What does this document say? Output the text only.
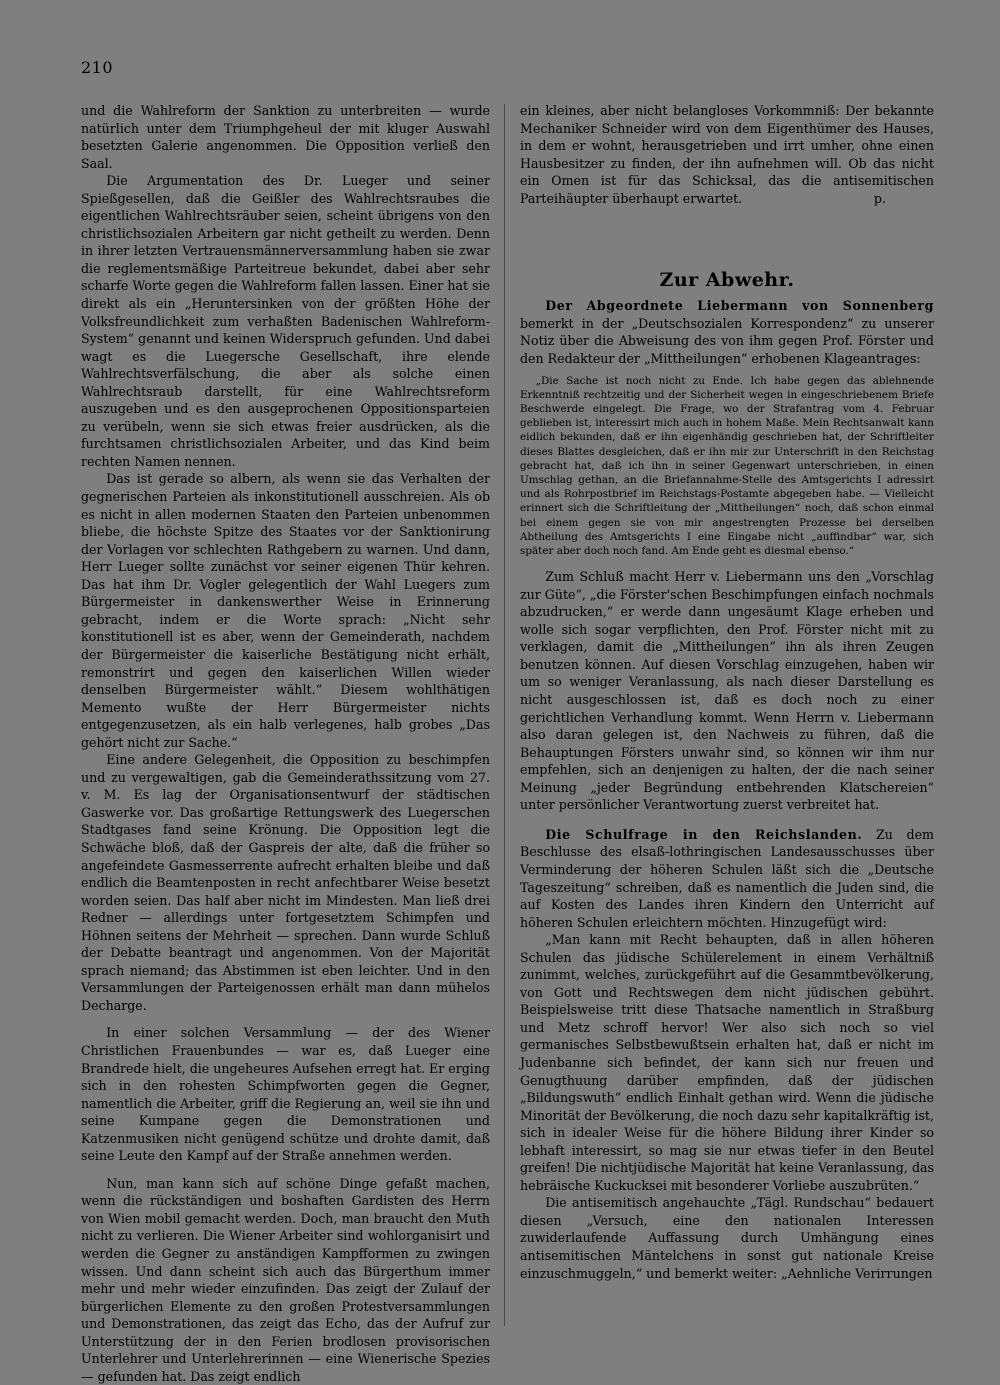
210

und die Wahlreform der Sanktion zu unterbreiten — wurde natürlich unter dem Triumphgeheul der mit kluger Auswahl besetzten Galerie angenommen. Die Opposition verließ den Saal.

Die Argumentation des Dr. Lueger und seiner Spießgesellen, daß die Geißler des Wahlrechtsraubes die eigentlichen Wahlrechtsräuber seien, scheint übrigens von den christlichsozialen Arbeitern gar nicht getheilt zu werden. Denn in ihrer letzten Vertrauensmännerversammlung haben sie zwar die reglementsmäßige Parteitreue bekundet, dabei aber sehr scharfe Worte gegen die Wahlreform fallen lassen. Einer hat sie direkt als ein „Heruntersinken von der größten Höhe der Volksfreundlichkeit zum verhaßten Badenischen Wahlreform-System“ genannt und keinen Widerspruch gefunden. Und dabei wagt es die Luegersche Gesellschaft, ihre elende Wahlrechtsverfälschung, die aber als solche einen Wahlrechtsraub darstellt, für eine Wahlrechtsreform auszugeben und es den ausgeprochenen Oppositionsparteien zu verübeln, wenn sie sich etwas freier ausdrücken, als die furchtsamen christlichsozialen Arbeiter, und das Kind beim rechten Namen nennen.

Das ist gerade so albern, als wenn sie das Verhalten der gegnerischen Parteien als inkonstitutionell ausschreien. Als ob es nicht in allen modernen Staaten den Parteien unbenommen bliebe, die höchste Spitze des Staates vor der Sanktionirung der Vorlagen vor schlechten Rathgebern zu warnen. Und dann, Herr Lueger sollte zunächst vor seiner eigenen Thür kehren. Das hat ihm Dr. Vogler gelegentlich der Wahl Luegers zum Bürgermeister in dankenswerther Weise in Erinnerung gebracht, indem er die Worte sprach: „Nicht sehr konstitutionell ist es aber, wenn der Gemeinderath, nachdem der Bürgermeister die kaiserliche Bestätigung nicht erhält, remonstrirt und gegen den kaiserlichen Willen wieder denselben Bürgermeister wählt.“ Diesem wohlthätigen Memento wußte der Herr Bürgermeister nichts entgegenzusetzen, als ein halb verlegenes, halb grobes „Das gehört nicht zur Sache.“

Eine andere Gelegenheit, die Opposition zu beschimpfen und zu vergewaltigen, gab die Gemeinderathssitzung vom 27. v. M. Es lag der Organisationsentwurf der städtischen Gaswerke vor. Das großartige Rettungswerk des Luegerschen Stadtgases fand seine Krönung. Die Opposition legt die Schwäche bloß, daß der Gaspreis der alte, daß die früher so angefeindete Gasmesserrente aufrecht erhalten bleibe und daß endlich die Beamtenposten in recht anfechtbarer Weise besetzt worden seien. Das half aber nicht im Mindesten. Man ließ drei Redner — allerdings unter fortgesetztem Schimpfen und Höhnen seitens der Mehrheit — sprechen. Dann wurde Schluß der Debatte beantragt und angenommen. Von der Majorität sprach niemand; das Abstimmen ist eben leichter. Und in den Versammlungen der Parteigenossen erhält man dann mühelos Decharge.

In einer solchen Versammlung — der des Wiener Christlichen Frauenbundes — war es, daß Lueger eine Brandrede hielt, die ungeheures Aufsehen erregt hat. Er erging sich in den rohesten Schimpfworten gegen die Gegner, namentlich die Arbeiter, griff die Regierung an, weil sie ihn und seine Kumpane gegen die Demonstrationen und Katzenmusiken nicht genügend schütze und drohte damit, daß seine Leute den Kampf auf der Straße annehmen werden.

Nun, man kann sich auf schöne Dinge gefaßt machen, wenn die rückständigen und boshaften Gardisten des Herrn von Wien mobil gemacht werden. Doch, man braucht den Muth nicht zu verlieren. Die Wiener Arbeiter sind wohlorganisirt und werden die Gegner zu anständigen Kampfformen zu zwingen wissen. Und dann scheint sich auch das Bürgerthum immer mehr und mehr wieder einzufinden. Das zeigt der Zulauf der bürgerlichen Elemente zu den großen Protestversammlungen und Demonstrationen, das zeigt das Echo, das der Aufruf zur Unterstützung der in den Ferien brodlosen provisorischen Unterlehrer und Unterlehrerinnen — eine Wienerische Spezies — gefunden hat. Das zeigt endlich

ein kleines, aber nicht belangloses Vorkommniß: Der bekannte Mechaniker Schneider wird von dem Eigenthümer des Hauses, in dem er wohnt, herausgetrieben und irrt umher, ohne einen Hausbesitzer zu finden, der ihn aufnehmen will. Ob das nicht ein Omen ist für das Schicksal, das die antisemitischen Parteihäupter überhaupt erwartet.	p.
Zur Abwehr.

Der Abgeordnete Liebermann von Sonnenberg bemerkt in der „Deutschsozialen Korrespondenz“ zu unserer Notiz über die Abweisung des von ihm gegen Prof. Förster und den Redakteur der „Mittheilungen“ erhobenen Klageantrages:

„Die Sache ist noch nicht zu Ende. Ich habe gegen das ablehnende Erkenntniß rechtzeitig und der Sicherheit wegen in eingeschriebenem Briefe Beschwerde eingelegt. Die Frage, wo der Strafantrag vom 4. Februar geblieben ist, interessirt mich auch in hohem Maße. Mein Rechtsanwalt kann eidlich bekunden, daß er ihn eigenhändig geschrieben hat, der Schriftleiter dieses Blattes desgleichen, daß er ihn mir zur Unterschrift in den Reichstag gebracht hat, daß ich ihn in seiner Gegenwart unterschrieben, in einen Umschlag gethan, an die Briefannahme-Stelle des Amtsgerichts I adressirt und als Rohrpostbrief im Reichstags-Postamte abgegeben habe. — Vielleicht erinnert sich die Schriftleitung der „Mittheilungen“ noch, daß schon einmal bei einem gegen sie von mir angestrengten Prozesse bei derselben Abtheilung des Amtsgerichts I eine Eingabe nicht „auffindbar“ war, sich später aber doch noch fand. Am Ende geht es diesmal ebenso.“

Zum Schluß macht Herr v. Liebermann uns den „Vorschlag zur Güte“, „die Förster'schen Beschimpfungen einfach nochmals abzudrucken,“ er werde dann ungesäumt Klage erheben und wolle sich sogar verpflichten, den Prof. Förster nicht mit zu verklagen, damit die „Mittheilungen“ ihn als ihren Zeugen benutzen können. Auf diesen Vorschlag einzugehen, haben wir um so weniger Veranlassung, als nach dieser Darstellung es nicht ausgeschlossen ist, daß es doch noch zu einer gerichtlichen Verhandlung kommt. Wenn Herrn v. Liebermann also daran gelegen ist, den Nachweis zu führen, daß die Behauptungen Försters unwahr sind, so können wir ihm nur empfehlen, sich an denjenigen zu halten, der die nach seiner Meinung „jeder Begründung entbehrenden Klatschereien“ unter persönlicher Verantwortung zuerst verbreitet hat.

Die Schulfrage in den Reichslanden. Zu dem Beschlusse des elsaß-lothringischen Landesausschusses über Verminderung der höheren Schulen läßt sich die „Deutsche Tageszeitung“ schreiben, daß es namentlich die Juden sind, die auf Kosten des Landes ihren Kindern den Unterricht auf höheren Schulen erleichtern möchten. Hinzugefügt wird:

„Man kann mit Recht behaupten, daß in allen höheren Schulen das jüdische Schülerelement in einem Verhältniß zunimmt, welches, zurückgeführt auf die Gesammtbevölkerung, von Gott und Rechtswegen dem nicht jüdischen gebührt. Beispielsweise tritt diese Thatsache namentlich in Straßburg und Metz schroff hervor! Wer also sich noch so viel germanisches Selbstbewußtsein erhalten hat, daß er nicht im Judenbanne sich befindet, der kann sich nur freuen und Genugthuung darüber empfinden, daß der jüdischen „Bildungswuth“ endlich Einhalt gethan wird. Wenn die jüdische Minorität der Bevölkerung, die noch dazu sehr kapitalkräftig ist, sich in idealer Weise für die höhere Bildung ihrer Kinder so lebhaft interessirt, so mag sie nur etwas tiefer in den Beutel greifen! Die nichtjüdische Majorität hat keine Veranlassung, das hebräische Kuckucksei mit besonderer Vorliebe auszubrüten.“

Die antisemitisch angehauchte „Tägl. Rundschau“ bedauert diesen „Versuch, eine den nationalen Interessen zuwiderlaufende Auffassung durch Umhängung eines antisemitischen Mäntelchens in sonst gut nationale Kreise einzuschmuggeln,“ und bemerkt weiter: „Aehnliche Verirrungen
